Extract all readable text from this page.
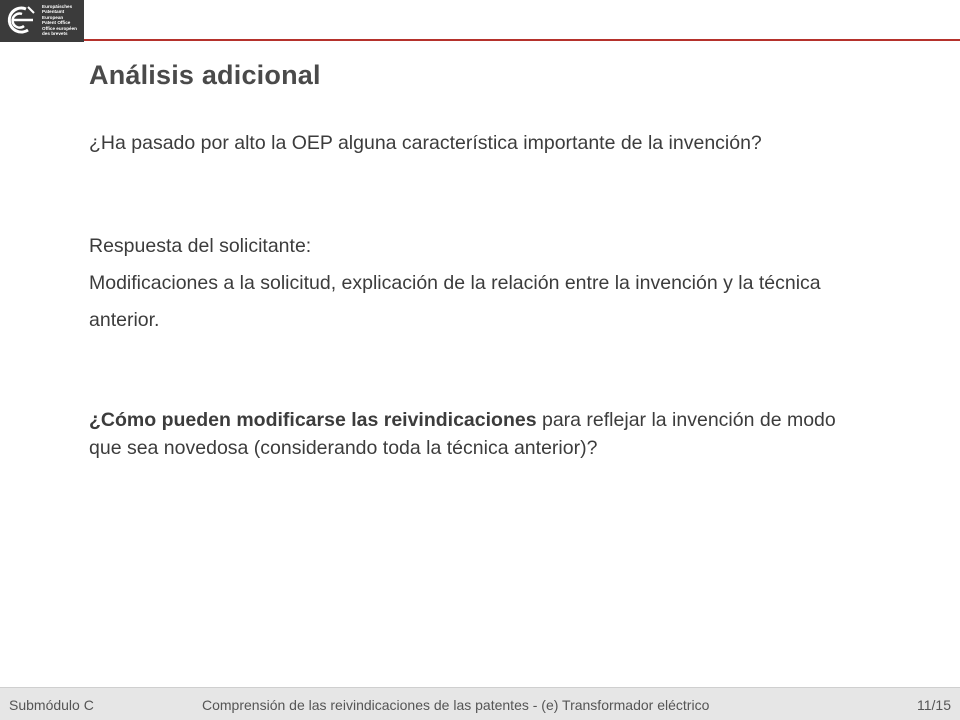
Europäisches
Patentamt
European
Patent Office
Office européen
des brevets
Análisis adicional

¿Ha pasado por alto la OEP alguna característica importante de la invención?

Respuesta del solicitante:
Modificaciones a la solicitud, explicación de la relación entre la invención y la técnica anterior.

¿Cómo pueden modificarse las reivindicaciones para reflejar la invención de modo que sea novedosa (considerando toda la técnica anterior)?

Submódulo C	Comprensión de las reivindicaciones de las patentes - (e) Transformador eléctrico	11/15
